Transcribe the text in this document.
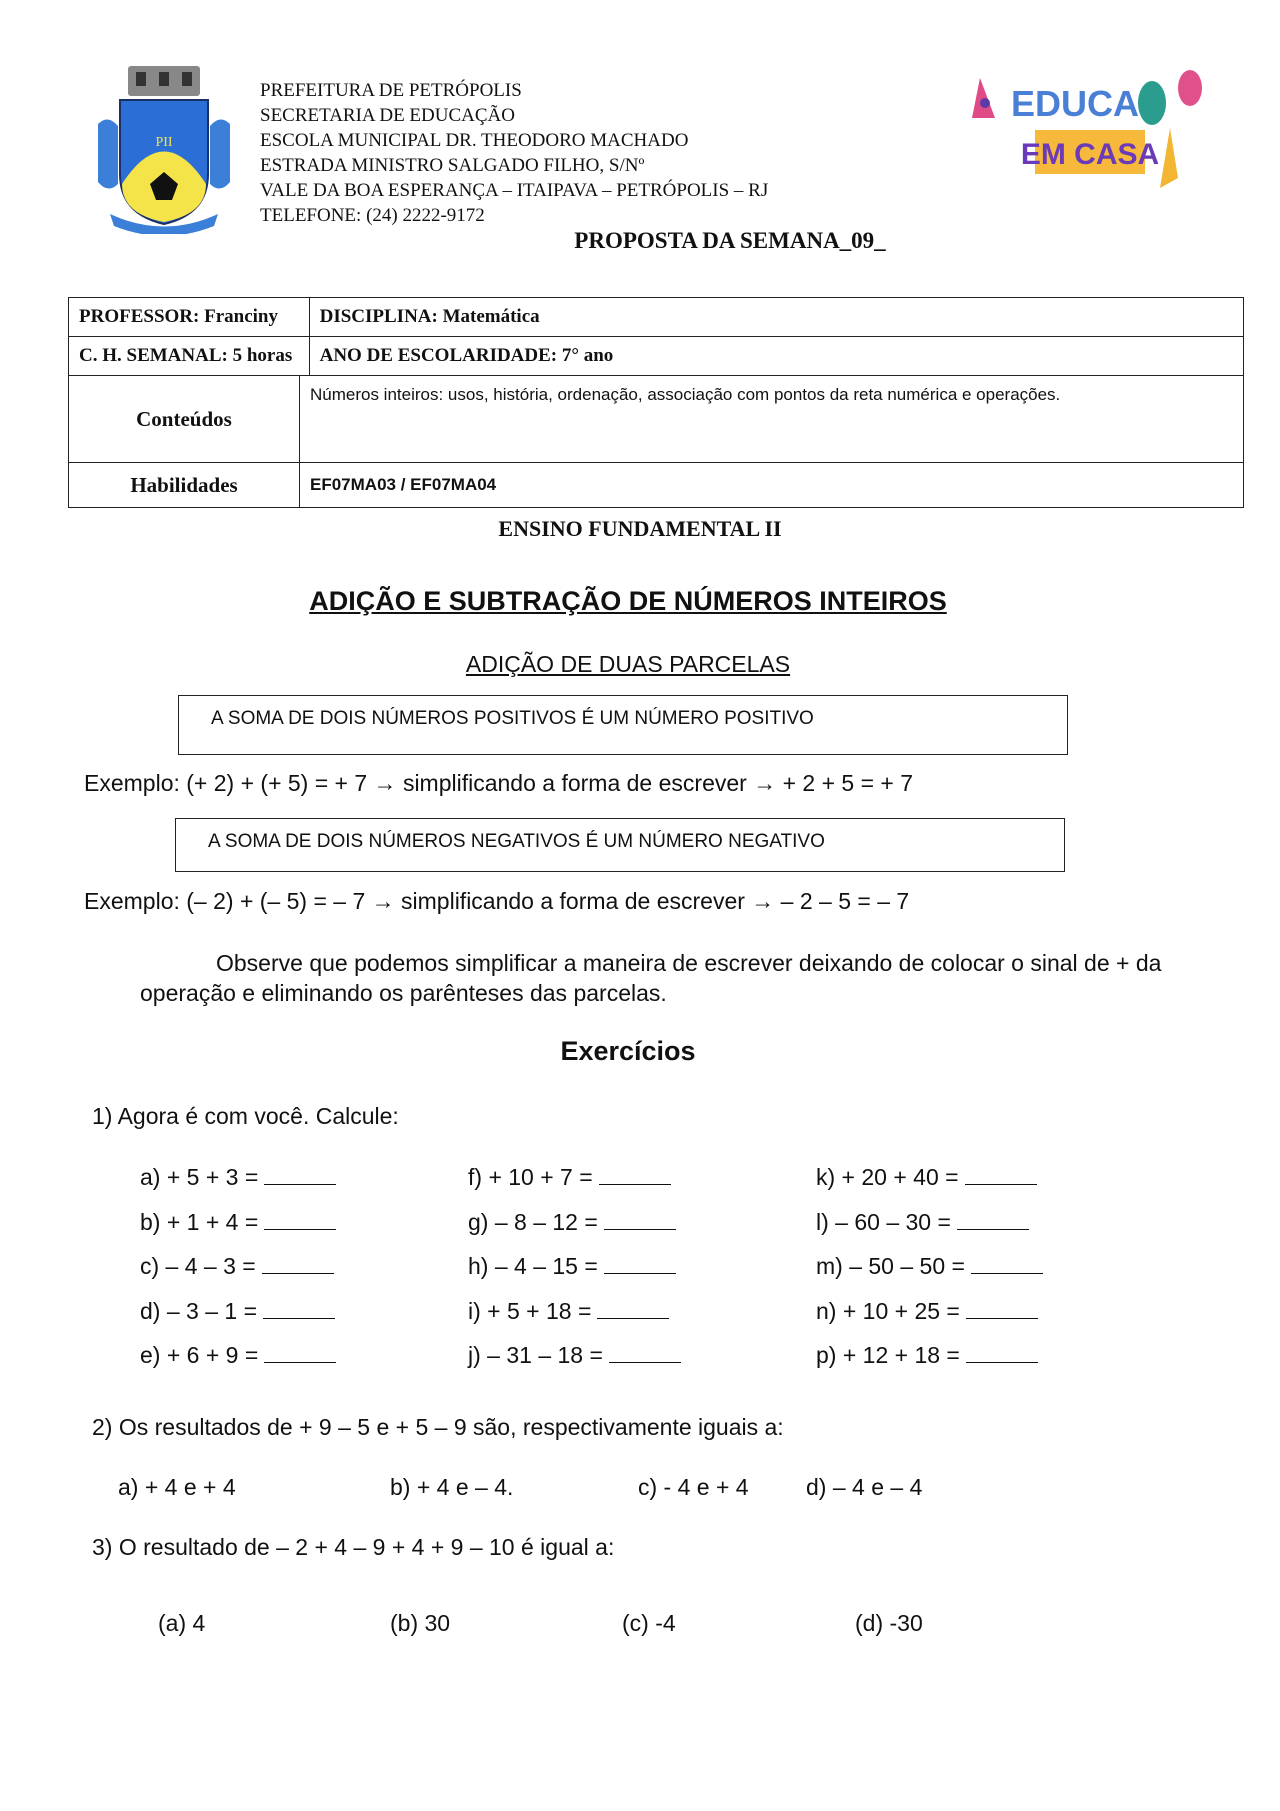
PII
PREFEITURA DE PETRÓPOLIS
SECRETARIA DE EDUCAÇÃO
ESCOLA MUNICIPAL DR. THEODORO MACHADO
ESTRADA MINISTRO SALGADO FILHO, S/Nº
VALE DA BOA ESPERANÇA – ITAIPAVA – PETRÓPOLIS – RJ
TELEFONE: (24) 2222-9172
EDUCA
EM CASA
PROPOSTA DA SEMANA_09_
PROFESSOR: Franciny		DISCIPLINA: Matemática
C. H. SEMANAL: 5 horas		ANO DE ESCOLARIDADE: 7° ano
Conteúdos	Números inteiros: usos, história, ordenação, associação com pontos da reta numérica e operações.	
Habilidades	EF07MA03 / EF07MA04	
ENSINO FUNDAMENTAL II
ADIÇÃO E SUBTRAÇÃO DE NÚMEROS INTEIROS
ADIÇÃO DE DUAS PARCELAS
A SOMA DE DOIS NÚMEROS POSITIVOS É UM NÚMERO POSITIVO
Exemplo: (+ 2) + (+ 5) = + 7 → simplificando a forma de escrever → + 2 + 5 = + 7
A SOMA DE DOIS NÚMEROS NEGATIVOS É UM NÚMERO NEGATIVO
Exemplo: (– 2) + (– 5) = – 7 → simplificando a forma de escrever → – 2 – 5 = – 7
Observe que podemos simplificar a maneira de escrever deixando de colocar o sinal de + da operação e eliminando os parênteses das parcelas.
Exercícios
1) Agora é com você. Calcule:
a) + 5 + 3 =
b) + 1 + 4 =
c) – 4 – 3 =
d) – 3 – 1 =
e) + 6 + 9 =
f) + 10 + 7 =
g) – 8 – 12 =
h) – 4 – 15 =
i) + 5 + 18 =
j) – 31 – 18 =
k) + 20 + 40 =
l) – 60 – 30 =
m) – 50 – 50 =
n) + 10 + 25 =
p) + 12 + 18 =
2) Os resultados de + 9 – 5 e + 5 – 9 são, respectivamente iguais a:
a) + 4 e + 4	b) + 4 e – 4.	c) - 4 e + 4 d) – 4 e – 4
3) O resultado de – 2 + 4 – 9 + 4 + 9 – 10 é igual a:
(a) 4	(b) 30	(c) -4	(d) -30
